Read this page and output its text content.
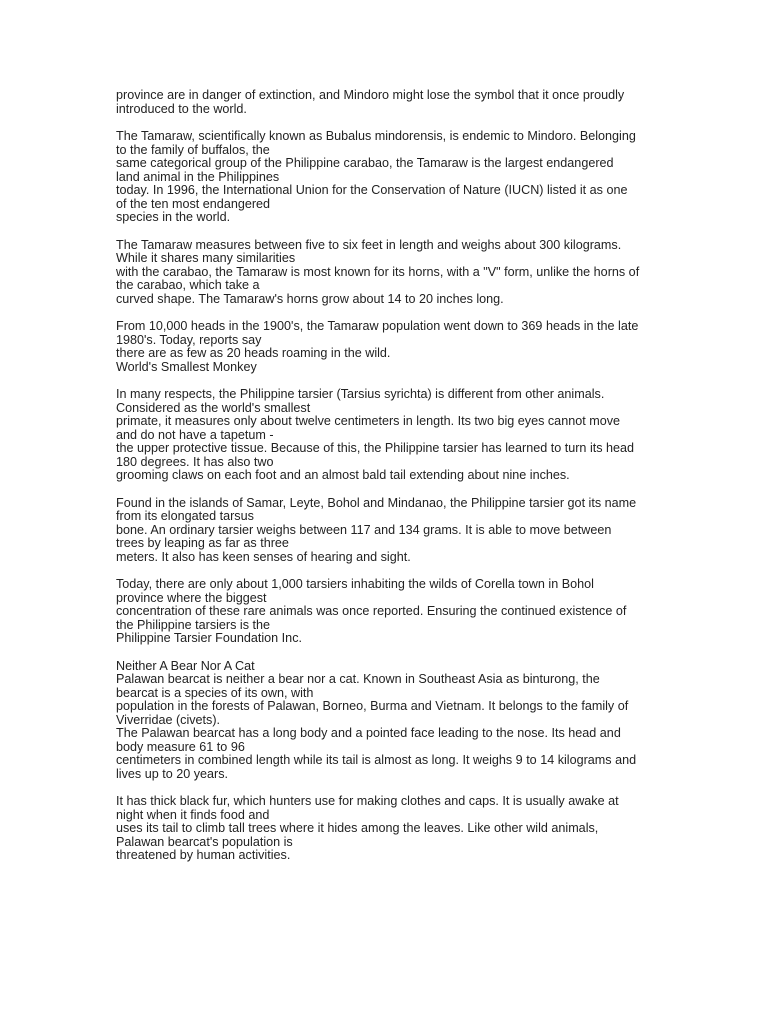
province are in danger of extinction, and Mindoro might lose the symbol that it once proudly
introduced to the world.

The Tamaraw, scientifically known as Bubalus mindorensis, is endemic to Mindoro. Belonging
to the family of buffalos, the
same categorical group of the Philippine carabao, the Tamaraw is the largest endangered
land animal in the Philippines
today. In 1996, the International Union for the Conservation of Nature (IUCN) listed it as one
of the ten most endangered
species in the world.

The Tamaraw measures between five to six feet in length and weighs about 300 kilograms.
While it shares many similarities
with the carabao, the Tamaraw is most known for its horns, with a "V" form, unlike the horns of
the carabao, which take a
curved shape. The Tamaraw's horns grow about 14 to 20 inches long.

From 10,000 heads in the 1900's, the Tamaraw population went down to 369 heads in the late
1980's. Today, reports say
there are as few as 20 heads roaming in the wild.
World's Smallest Monkey

In many respects, the Philippine tarsier (Tarsius syrichta) is different from other animals.
Considered as the world's smallest
primate, it measures only about twelve centimeters in length. Its two big eyes cannot move
and do not have a tapetum -
the upper protective tissue. Because of this, the Philippine tarsier has learned to turn its head
180 degrees. It has also two
grooming claws on each foot and an almost bald tail extending about nine inches.

Found in the islands of Samar, Leyte, Bohol and Mindanao, the Philippine tarsier got its name
from its elongated tarsus
bone. An ordinary tarsier weighs between 117 and 134 grams. It is able to move between
trees by leaping as far as three
meters. It also has keen senses of hearing and sight.

Today, there are only about 1,000 tarsiers inhabiting the wilds of Corella town in Bohol
province where the biggest
concentration of these rare animals was once reported. Ensuring the continued existence of
the Philippine tarsiers is the
Philippine Tarsier Foundation Inc.

Neither A Bear Nor A Cat
Palawan bearcat is neither a bear nor a cat. Known in Southeast Asia as binturong, the
bearcat is a species of its own, with
population in the forests of Palawan, Borneo, Burma and Vietnam. It belongs to the family of
Viverridae (civets).
The Palawan bearcat has a long body and a pointed face leading to the nose. Its head and
body measure 61 to 96
centimeters in combined length while its tail is almost as long. It weighs 9 to 14 kilograms and
lives up to 20 years.

It has thick black fur, which hunters use for making clothes and caps. It is usually awake at
night when it finds food and
uses its tail to climb tall trees where it hides among the leaves. Like other wild animals,
Palawan bearcat's population is
threatened by human activities.
